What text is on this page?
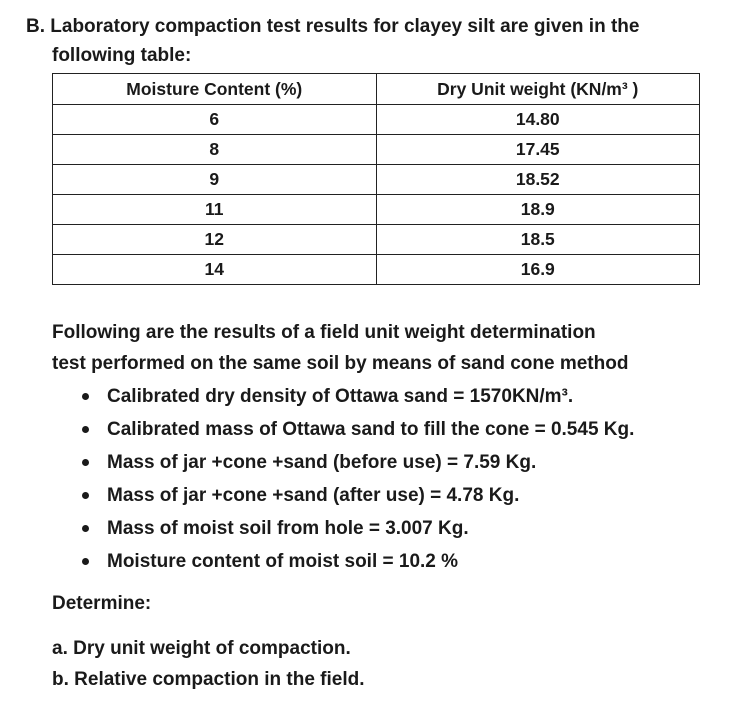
B. Laboratory compaction test results for clayey silt are given in the
following table:
Moisture Content (%)	Dry Unit weight (KN/m³ )
6	14.80
8	17.45
9	18.52
11	18.9
12	18.5
14	16.9
Following are the results of a field unit weight determination
test performed on the same soil by means of sand cone method
Calibrated dry density of Ottawa sand = 1570KN/m³.
Calibrated mass of Ottawa sand to fill the cone = 0.545 Kg.
Mass of jar +cone +sand (before use) = 7.59 Kg.
Mass of jar +cone +sand (after use) = 4.78 Kg.
Mass of moist soil from hole = 3.007 Kg.
Moisture content of moist soil = 10.2 %
Determine:
a. Dry unit weight of compaction.
b. Relative compaction in the field.
